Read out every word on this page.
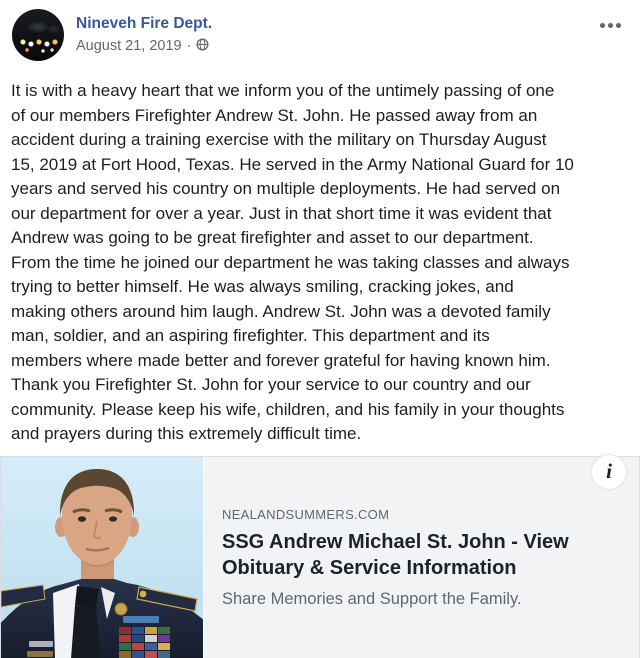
Nineveh Fire Dept.
August 21, 2019 ·
It is with a heavy heart that we inform you of the untimely passing of one
of our members Firefighter Andrew St. John. He passed away from an
accident during a training exercise with the military on Thursday August
15, 2019 at Fort Hood, Texas. He served in the Army National Guard for 10
years and served his country on multiple deployments. He had served on
our department for over a year. Just in that short time it was evident that
Andrew was going to be great firefighter and asset to our department.
From the time he joined our department he was taking classes and always
trying to better himself. He was always smiling, cracking jokes, and
making others around him laugh. Andrew St. John was a devoted family
man, soldier, and an aspiring firefighter. This department and its
members where made better and forever grateful for having known him.
Thank you Firefighter St. John for your service to our country and our
community. Please keep his wife, children, and his family in your thoughts
and prayers during this extremely difficult time.
NEALANDSUMMERS.COM
SSG Andrew Michael St. John - View
Obituary & Service Information
Share Memories and Support the Family.
i
